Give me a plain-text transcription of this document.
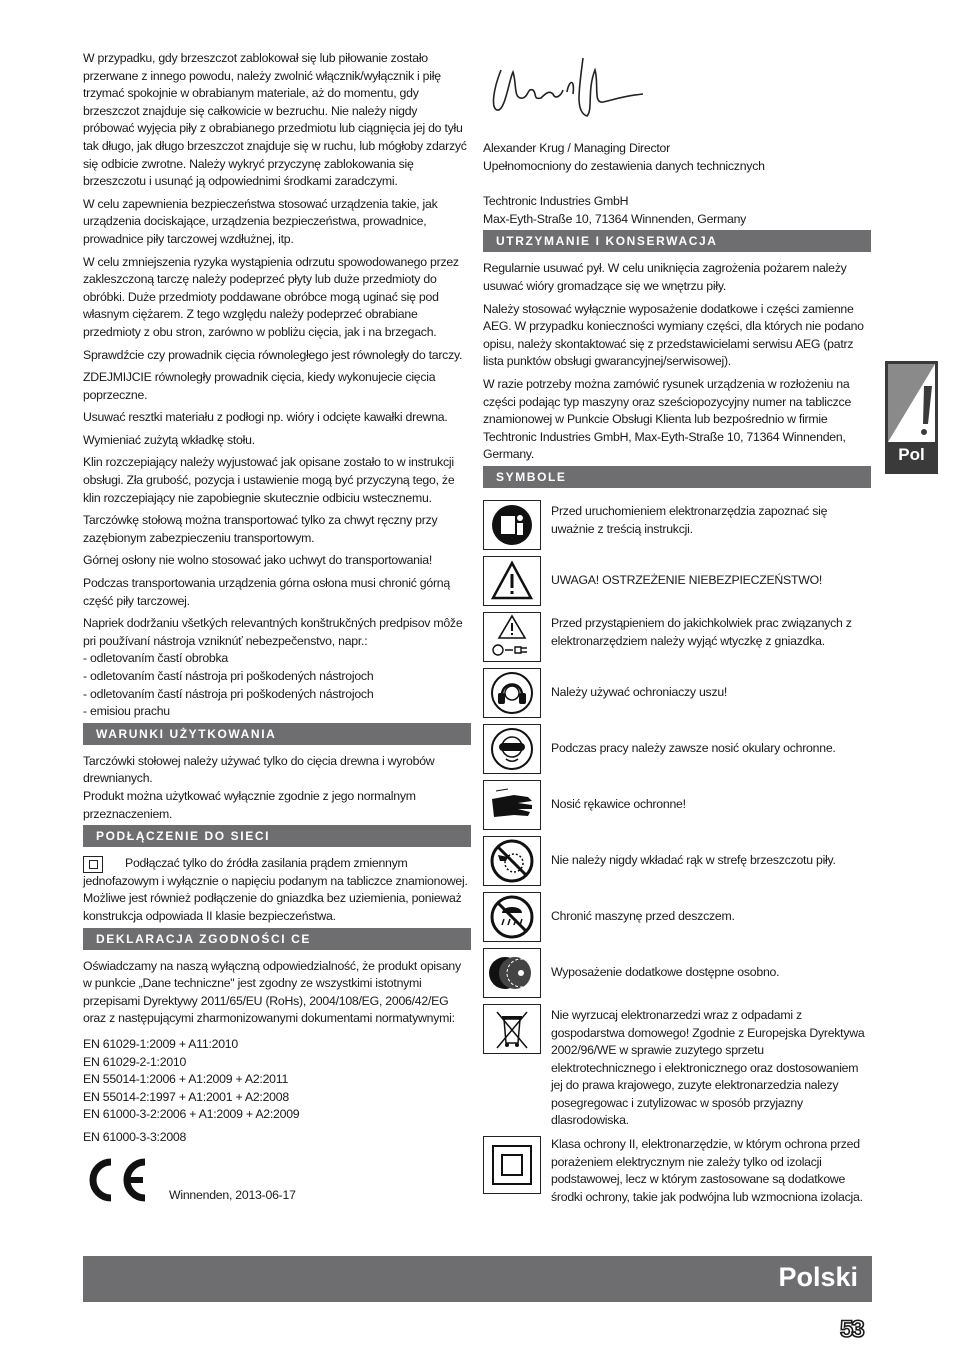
W przypadku, gdy brzeszczot zablokował się lub piłowanie zostało przerwane z innego powodu, należy zwolnić włącznik/wyłącznik i piłę trzymać spokojnie w obrabianym materiale, aż do momentu, gdy brzeszczot znajduje się całkowicie w bezruchu. Nie należy nigdy próbować wyjęcia piły z obrabianego przedmiotu lub ciągnięcia jej do tyłu tak długo, jak długo brzeszczot znajduje się w ruchu, lub mógłoby zdarzyć się odbicie zwrotne. Należy wykryć przyczynę zablokowania się brzeszczotu i usunąć ją odpowiednimi środkami zaradczymi.

W celu zapewnienia bezpieczeństwa stosować urządzenia takie, jak urządzenia dociskające, urządzenia bezpieczeństwa, prowadnice, prowadnice piły tarczowej wzdłużnej, itp.

W celu zmniejszenia ryzyka wystąpienia odrzutu spowodowanego przez zakleszczoną tarczę należy podeprzeć płyty lub duże przedmioty do obróbki. Duże przedmioty poddawane obróbce mogą uginać się pod własnym ciężarem. Z tego względu należy podeprzeć obrabiane przedmioty z obu stron, zarówno w pobliżu cięcia, jak i na brzegach.

Sprawdźcie czy prowadnik cięcia równoległego jest równoległy do tarczy.

ZDEJMIJCIE równoległy prowadnik cięcia, kiedy wykonujecie cięcia poprzeczne.

Usuwać resztki materiału z podłogi np. wióry i odcięte kawałki drewna.

Wymieniać zużytą wkładkę stołu.

Klin rozczepiający należy wyjustować jak opisane zostało to w instrukcji obsługi. Zła grubość, pozycja i ustawienie mogą być przyczyną tego, że klin rozczepiający nie zapobiegnie skutecznie odbiciu wstecznemu.

Tarczówkę stołową można transportować tylko za chwyt ręczny przy zazębionym zabezpieczeniu transportowym.

Górnej osłony nie wolno stosować jako uchwyt do transportowania!

Podczas transportowania urządzenia górna osłona musi chronić górną część piły tarczowej.

Napriek dodržaniu všetkých relevantných konštrukčných predpisov môže pri používaní nástroja vzniknúť nebezpečenstvo, napr.:
- odletovaním častí obrobka
- odletovaním častí nástroja pri poškodených nástrojoch
- odletovaním častí nástroja pri poškodených nástrojoch
- emisiou prachu

WARUNKI UŻYTKOWANIA

Tarczówki stołowej należy używać tylko do cięcia drewna i wyrobów drewnianych.
Produkt można użytkować wyłącznie zgodnie z jego normalnym przeznaczeniem.

PODŁĄCZENIE DO SIECI

Podłączać tylko do źródła zasilania prądem zmiennym jednofazowym i wyłącznie o napięciu podanym na tabliczce znamionowej. Możliwe jest również podłączenie do gniazdka bez uziemienia, ponieważ konstrukcja odpowiada II klasie bezpieczeństwa.

DEKLARACJA ZGODNOŚCI CE

Oświadczamy na naszą wyłączną odpowiedzialność, że produkt opisany w punkcie „Dane techniczne" jest zgodny ze wszystkimi istotnymi przepisami Dyrektywy 2011/65/EU (RoHs), 2004/108/EG, 2006/42/EG oraz z następującymi zharmonizowanymi dokumentami normatywnymi:

EN 61029-1:2009 + A11:2010
EN 61029-2-1:2010
EN 55014-1:2006 + A1:2009 + A2:2011
EN 55014-2:1997 + A1:2001 + A2:2008
EN 61000-3-2:2006 + A1:2009 + A2:2009

EN 61000-3-3:2008

Winnenden, 2013-06-17

Alexander Krug / Managing Director
Upełnomocniony do zestawienia danych technicznych

Techtronic Industries GmbH
Max-Eyth-Straße 10, 71364 Winnenden, Germany

UTRZYMANIE I KONSERWACJA

Regularnie usuwać pył. W celu uniknięcia zagrożenia pożarem należy usuwać wióry gromadzące się we wnętrzu piły.

Należy stosować wyłącznie wyposażenie dodatkowe i części zamienne AEG. W przypadku konieczności wymiany części, dla których nie podano opisu, należy skontaktować się z przedstawicielami serwisu AEG (patrz lista punktów obsługi gwarancyjnej/serwisowej).

W razie potrzeby można zamówić rysunek urządzenia w rozłożeniu na części podając typ maszyny oraz sześciopozycyjny numer na tabliczce znamionowej w Punkcie Obsługi Klienta lub bezpośrednio w firmie Techtronic Industries GmbH, Max-Eyth-Straße 10, 71364 Winnenden, Germany.

SYMBOLE
Przed uruchomieniem elektronarzędzia zapoznać się uważnie z treścią instrukcji.
UWAGA! OSTRZEŻENIE NIEBEZPIECZEŃSTWO!
Przed przystąpieniem do jakichkolwiek prac związanych z elektronarzędziem należy wyjąć wtyczkę z gniazdka.
Należy używać ochroniaczy uszu!
Podczas pracy należy zawsze nosić okulary ochronne.
Nosić rękawice ochronne!
Nie należy nigdy wkładać rąk w strefę brzeszczotu piły.
Chronić maszynę przed deszczem.
Wyposażenie dodatkowe dostępne osobno.
Nie wyrzucaj elektronarzedzi wraz z odpadami z gospodarstwa domowego! Zgodnie z Europejska Dyrektywa 2002/96/WE w sprawie zuzytego sprzetu elektrotechnicznego i elektronicznego oraz dostosowaniem jej do prawa krajowego, zuzyte elektronarzedzia nalezy posegregowac i zutylizowac w sposób przyjazny dlasrodowiska.
Klasa ochrony II, elektronarzędzie, w którym ochrona przed porażeniem elektrycznym nie zależy tylko od izolacji podstawowej, lecz w którym zastosowane są dodatkowe środki ochrony, takie jak podwójna lub wzmocniona izolacja.
Pol
Polski
53
